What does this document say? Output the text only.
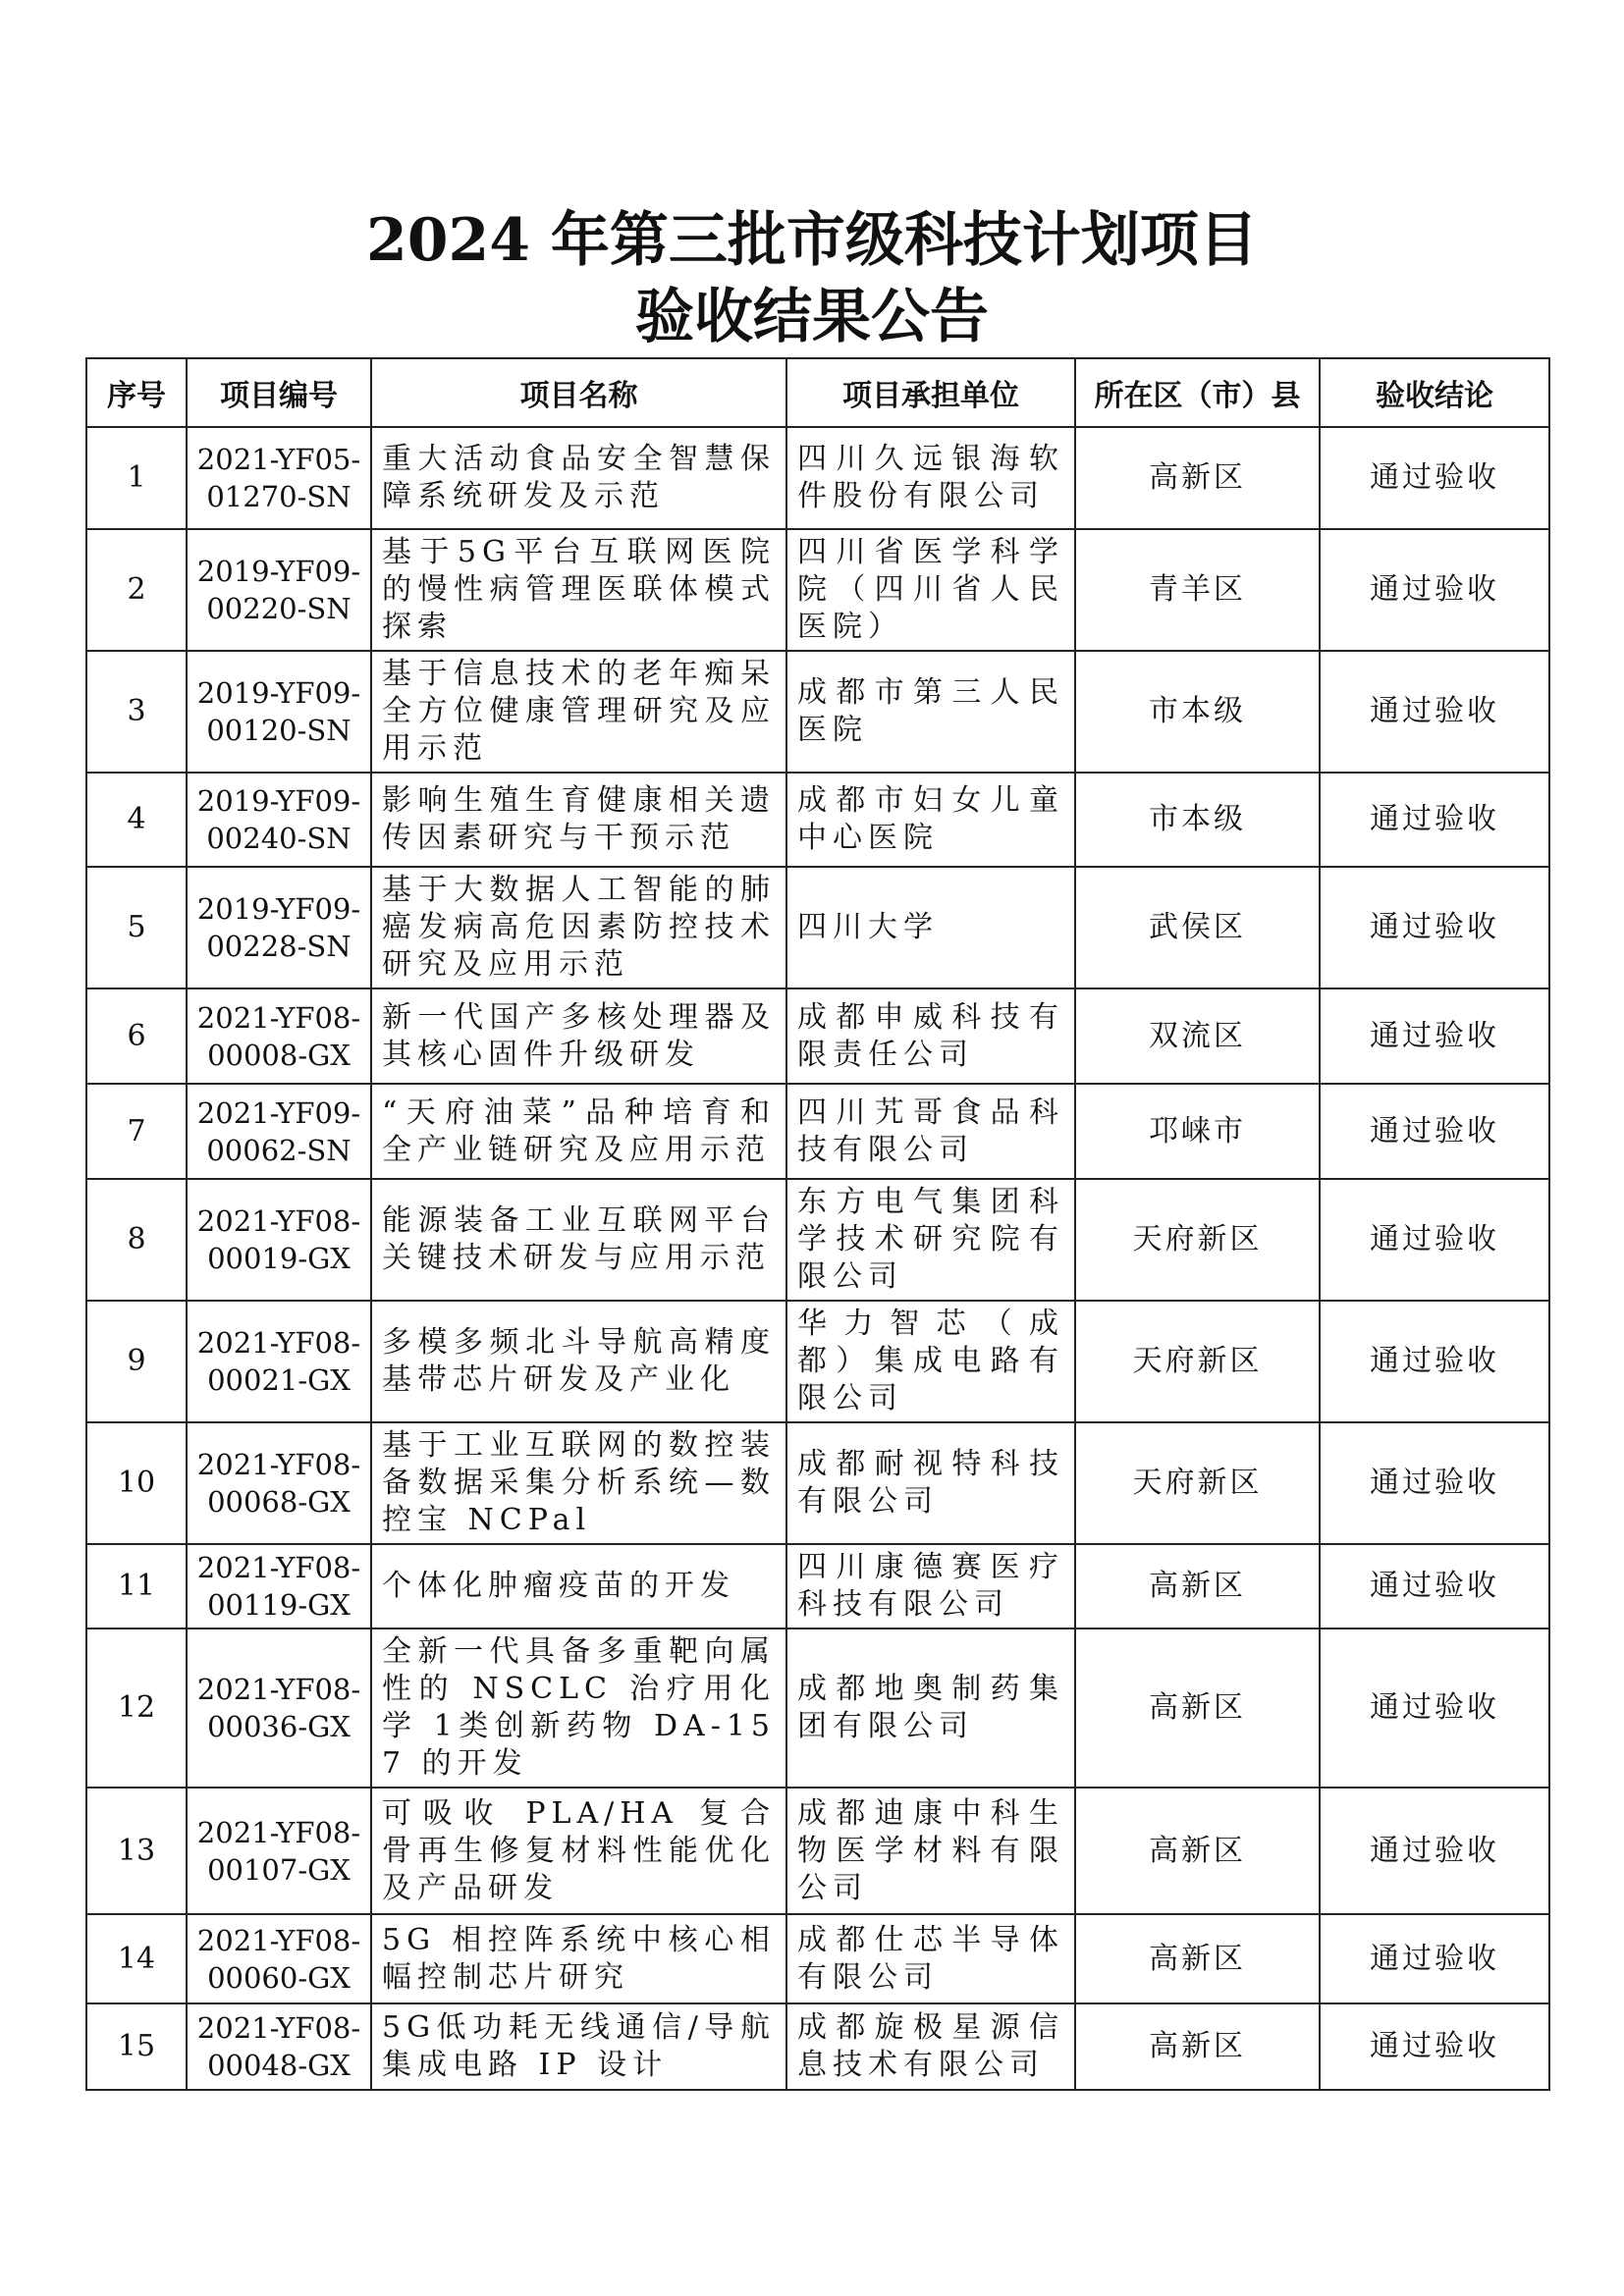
2024 年第三批市级科技计划项目
验收结果公告
序号	项目编号	项目名称	项目承担单位	所在区（市）县	验收结论
1	2021-YF05-01270-SN	重大活动食品安全智慧保障系统研发及示范	四川久远银海软件股份有限公司	高新区	通过验收
2	2019-YF09-00220-SN	基于5G平台互联网医院的慢性病管理医联体模式探索	四川省医学科学院（四川省人民医院）	青羊区	通过验收
3	2019-YF09-00120-SN	基于信息技术的老年痴呆全方位健康管理研究及应用示范	成都市第三人民医院	市本级	通过验收
4	2019-YF09-00240-SN	影响生殖生育健康相关遗传因素研究与干预示范	成都市妇女儿童中心医院	市本级	通过验收
5	2019-YF09-00228-SN	基于大数据人工智能的肺癌发病高危因素防控技术研究及应用示范	四川大学	武侯区	通过验收
6	2021-YF08-00008-GX	新一代国产多核处理器及其核心固件升级研发	成都申威科技有限责任公司	双流区	通过验收
7	2021-YF09-00062-SN	“天府油菜”品种培育和全产业链研究及应用示范	四川艽哥食品科技有限公司	邛崃市	通过验收
8	2021-YF08-00019-GX	能源装备工业互联网平台关键技术研发与应用示范	东方电气集团科学技术研究院有限公司	天府新区	通过验收
9	2021-YF08-00021-GX	多模多频北斗导航高精度基带芯片研发及产业化	华力智芯（成都）集成电路有限公司	天府新区	通过验收
10	2021-YF08-00068-GX	基于工业互联网的数控装备数据采集分析系统—数控宝 NCPal	成都耐视特科技有限公司	天府新区	通过验收
11	2021-YF08-00119-GX	个体化肿瘤疫苗的开发	四川康德赛医疗科技有限公司	高新区	通过验收
12	2021-YF08-00036-GX	全新一代具备多重靶向属性的 NSCLC 治疗用化学 1类创新药物 DA-157 的开发	成都地奥制药集团有限公司	高新区	通过验收
13	2021-YF08-00107-GX	可吸收 PLA/HA 复合骨再生修复材料性能优化及产品研发	成都迪康中科生物医学材料有限公司	高新区	通过验收
14	2021-YF08-00060-GX	5G 相控阵系统中核心相幅控制芯片研究	成都仕芯半导体有限公司	高新区	通过验收
15	2021-YF08-00048-GX	5G低功耗无线通信/导航集成电路 IP 设计	成都旋极星源信息技术有限公司	高新区	通过验收
